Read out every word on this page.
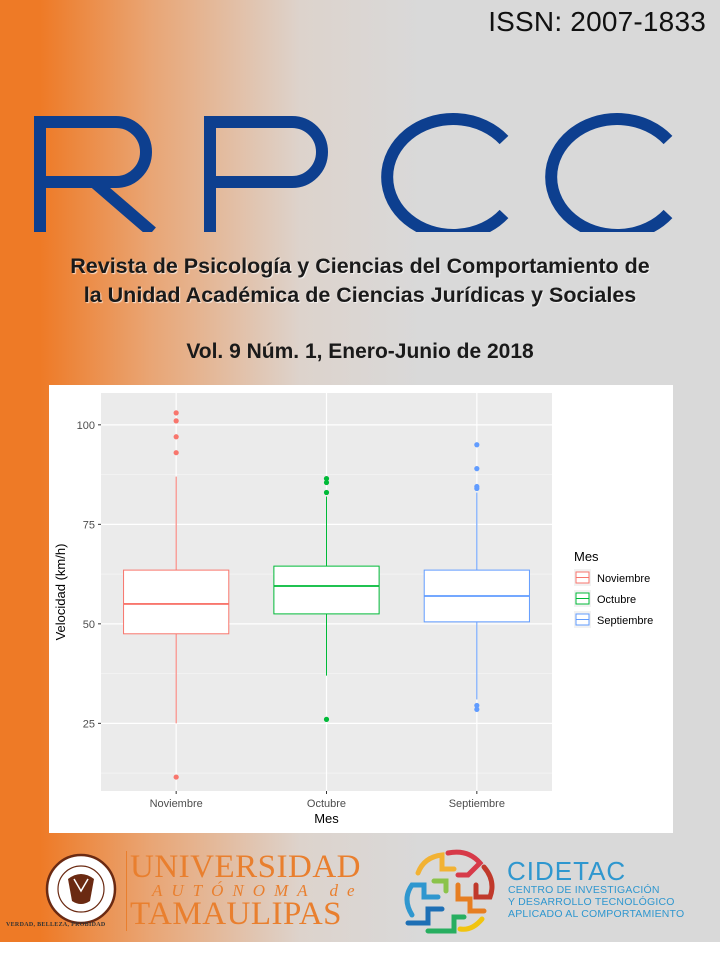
ISSN: 2007-1833
Revista de Psicología y Ciencias del Comportamiento de
la Unidad Académica de Ciencias Jurídicas y Sociales
Vol. 9 Núm. 1, Enero-Junio de 2018
25
50
75
100
Noviembre	Octubre	Septiembre
Mes
Velocidad (km/h)	Mes
Noviembre
Octubre
Septiembre
VERDAD, BELLEZA, PROBIDAD
UNIVERSIDAD
AUTÓNOMA de
TAMAULIPAS
CIDETAC
CENTRO DE INVESTIGACIÓN
Y DESARROLLO TECNOLÓGICO
APLICADO AL COMPORTAMIENTO
